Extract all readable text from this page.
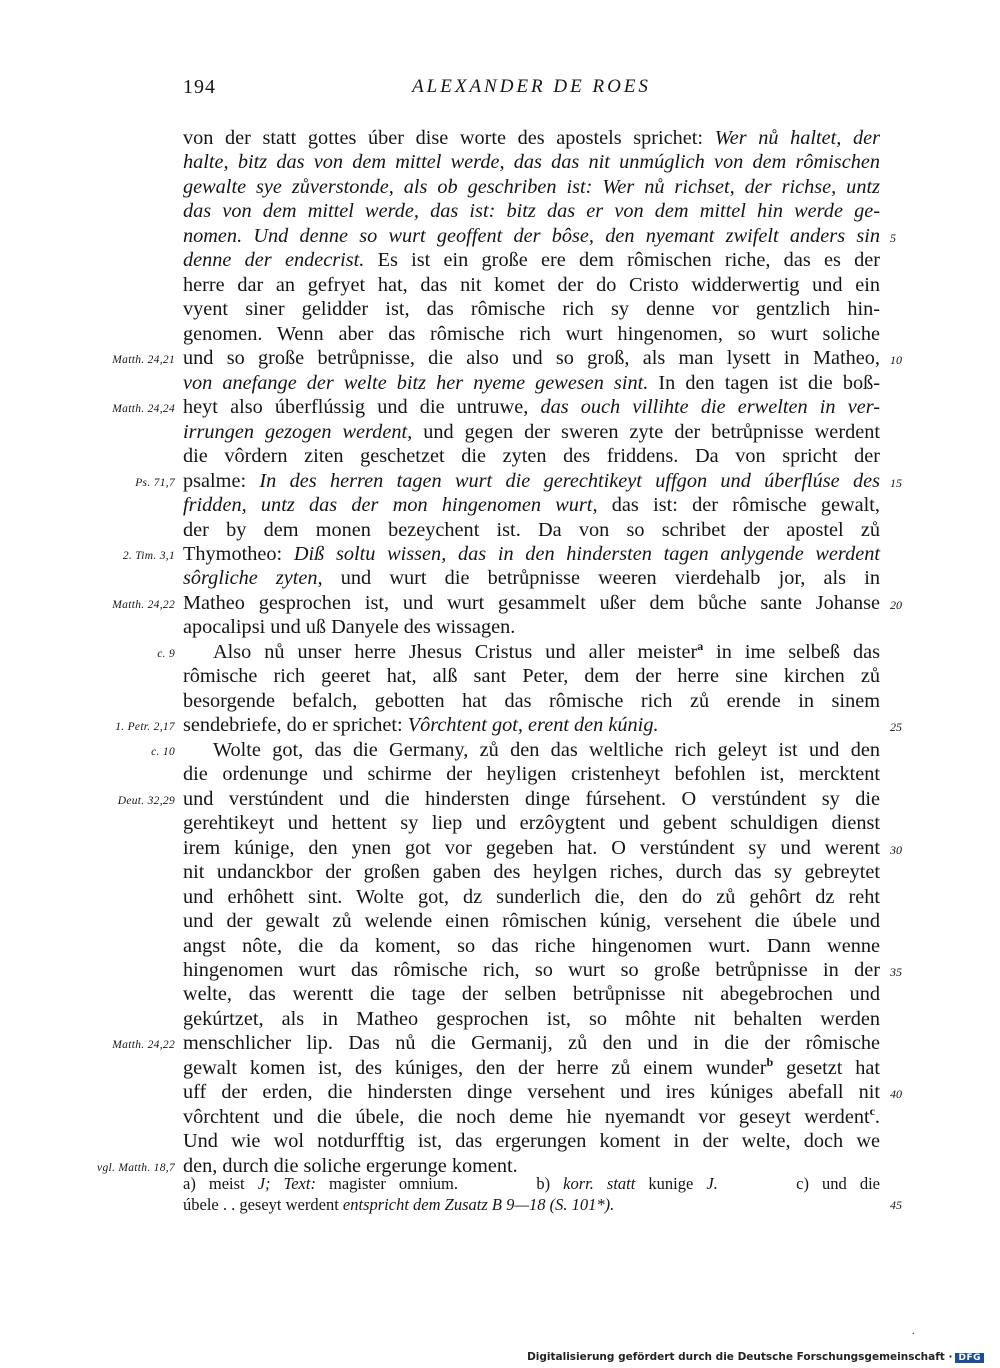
194	ALEXANDER DE ROES
von der statt gottes úber dise worte des apostels sprichet: Wer nů haltet, der
halte, bitz das von dem mittel werde, das das nit unmúglich von dem rômischen
gewalte sye zůverstonde, als ob geschriben ist: Wer nů richset, der richse, untz
das von dem mittel werde, das ist: bitz das er von dem mittel hin werde ge-
nomen. Und denne so wurt geoffent der bôse, den nyemant zwifelt anders sin
denne der endecrist. Es ist ein große ere dem rômischen riche, das es der
herre dar an gefryet hat, das nit komet der do Cristo widderwertig und ein
vyent siner gelidder ist, das rômische rich sy denne vor gentzlich hin-
genomen. Wenn aber das rômische rich wurt hingenomen, so wurt soliche
und so große betrůpnisse, die also und so groß, als man lysett in Matheo,
von anefange der welte bitz her nyeme gewesen sint. In den tagen ist die boß-
heyt also úberflússig und die untruwe, das ouch villihte die erwelten in ver-
irrungen gezogen werdent, und gegen der sweren zyte der betrůpnisse werdent
die vôrdern ziten geschetzet die zyten des friddens. Da von spricht der
psalme: In des herren tagen wurt die gerechtikeyt uffgon und úberflúse des
fridden, untz das der mon hingenomen wurt, das ist: der rômische gewalt,
der by dem monen bezeychent ist. Da von so schribet der apostel zů
Thymotheo: Diß soltu wissen, das in den hindersten tagen anlygende werdent
sôrgliche zyten, und wurt die betrůpnisse weeren vierdehalb jor, als in
Matheo gesprochen ist, und wurt gesammelt ußer dem bůche sante Johanse
apocalipsi und uß Danyele des wissagen.
Also nů unser herre Jhesus Cristus und aller meister$^a$ in ime selbeß das
rômische rich geeret hat, alß sant Peter, dem der herre sine kirchen zů
besorgende befalch, gebotten hat das rômische rich zů erende in sinem
sendebriefe, do er sprichet: Vôrchtent got, erent den kúnig.
Wolte got, das die Germany, zů den das weltliche rich geleyt ist und den
die ordenunge und schirme der heyligen cristenheyt befohlen ist, mercktent
und verstúndent und die hindersten dinge fúrsehent. O verstúndent sy die
gerehtikeyt und hettent sy liep und erzôygtent und gebent schuldigen dienst
irem kúnige, den ynen got vor gegeben hat. O verstúndent sy und werent
nit undanckbor der großen gaben des heylgen riches, durch das sy gebreytet
und erhôhett sint. Wolte got, dz sunderlich die, den do zů gehôrt dz reht
und der gewalt zů welende einen rômischen kúnig, versehent die úbele und
angst nôte, die da koment, so das riche hingenomen wurt. Dann wenne
hingenomen wurt das rômische rich, so wurt so große betrůpnisse in der
welte, das werentt die tage der selben betrůpnisse nit abegebrochen und
gekúrtzet, als in Matheo gesprochen ist, so môhte nit behalten werden
menschlicher lip. Das nů die Germanij, zů den und in die der rômische
gewalt komen ist, des kúniges, den der herre zů einem wunder$^b$ gesetzt hat
uff der erden, die hindersten dinge versehent und ires kúniges abefall nit
vôrchtent und die úbele, die noch deme hie nyemandt vor geseyt werdent$^c$.
Und wie wol notdurfftig ist, das ergerungen koment in der welte, doch we
den, durch die soliche ergerunge koment.
Matth. 24,21
Matth. 24,24
Ps. 71,7
2. Tim. 3,1
Matth. 24,22
c. 9
1. Petr. 2,17
c. 10
Deut. 32,29
Matth. 24,22
vgl. Matth. 18,7
5
10
15
20
25
30
35
40
a) meist J; Text: magister omnium.      b) korr. statt kunige J.      c) und die
úbele . . geseyt werdent entspricht dem Zusatz B 9—18 (S. 101*).
.
Digitalisierung gefördert durch die Deutsche Forschungsgemeinschaft · DFG
45
